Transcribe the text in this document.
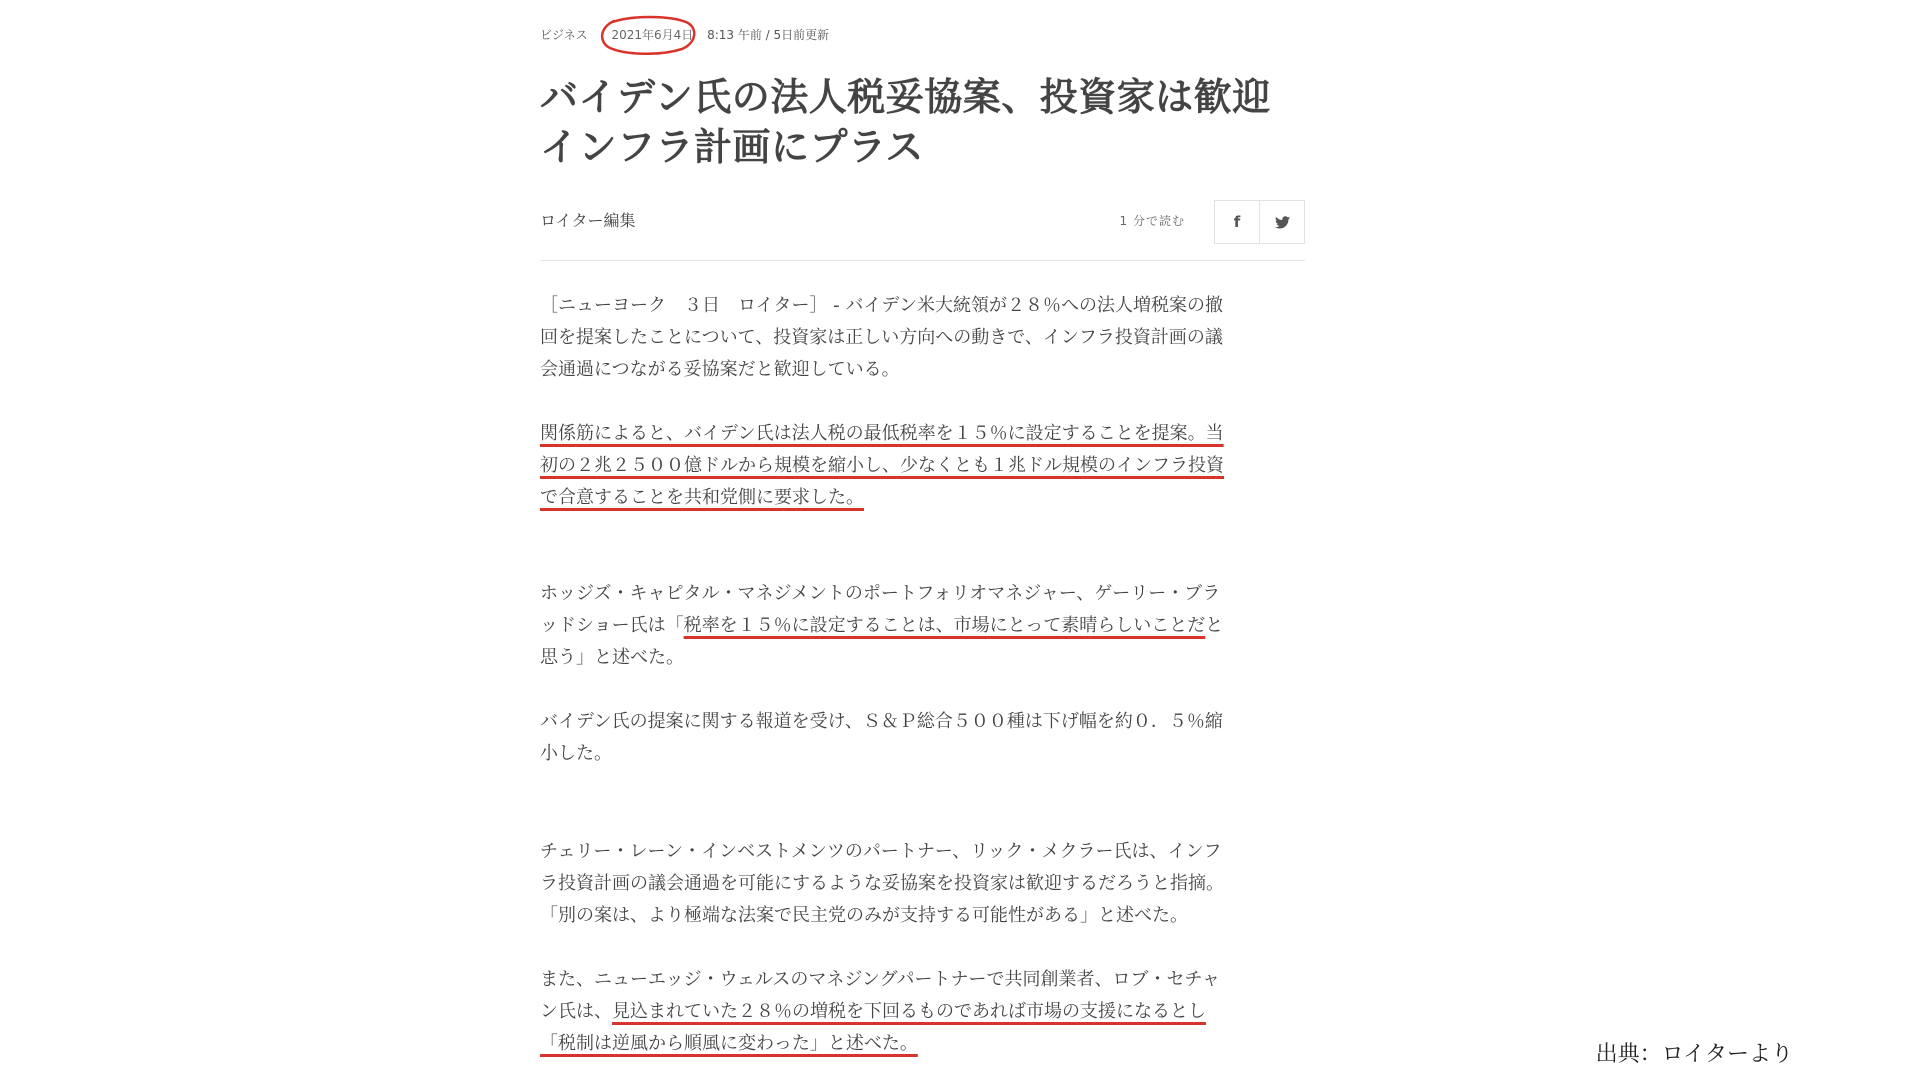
ビジネス 2021年6月4日 8:13 午前 / 5日前更新
バイデン氏の法人税妥協案、投資家は歓迎
インフラ計画にプラス
ロイター編集	1 分で読む	f
［ニューヨーク　３日　ロイター］ - バイデン米大統領が２８％への法人増税案の撤
回を提案したことについて、投資家は正しい方向への動きで、インフラ投資計画の議
会通過につながる妥協案だと歓迎している。
関係筋によると、バイデン氏は法人税の最低税率を１５％に設定することを提案。当
初の２兆２５００億ドルから規模を縮小し、少なくとも１兆ドル規模のインフラ投資
で合意することを共和党側に要求した。
ホッジズ・キャピタル・マネジメントのポートフォリオマネジャー、ゲーリー・ブラ
ッドショー氏は「税率を１５％に設定することは、市場にとって素晴らしいことだと
思う」と述べた。
バイデン氏の提案に関する報道を受け、Ｓ＆Ｐ総合５００種は下げ幅を約０．５％縮
小した。
チェリー・レーン・インベストメンツのパートナー、リック・メクラー氏は、インフ
ラ投資計画の議会通過を可能にするような妥協案を投資家は歓迎するだろうと指摘。
「別の案は、より極端な法案で民主党のみが支持する可能性がある」と述べた。
また、ニューエッジ・ウェルスのマネジングパートナーで共同創業者、ロブ・セチャ
ン氏は、見込まれていた２８％の増税を下回るものであれば市場の支援になるとし
「税制は逆風から順風に変わった」と述べた。	出典：ロイターより
